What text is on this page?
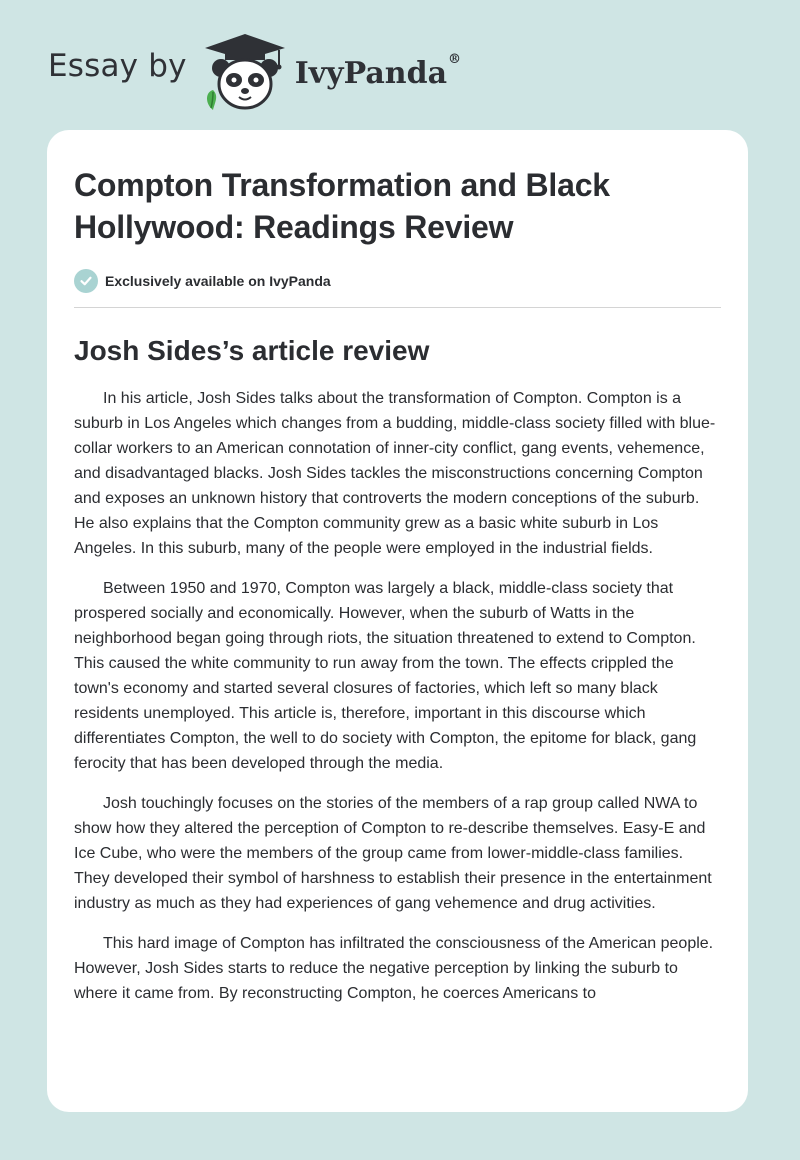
Essay by	IvyPanda®
Compton Transformation and Black Hollywood: Readings Review
Exclusively available on IvyPanda
Josh Sides’s article review

In his article, Josh Sides talks about the transformation of Compton. Compton is a suburb in Los Angeles which changes from a budding, middle-class society filled with blue-collar workers to an American connotation of inner-city conflict, gang events, vehemence, and disadvantaged blacks. Josh Sides tackles the misconstructions concerning Compton and exposes an unknown history that controverts the modern conceptions of the suburb. He also explains that the Compton community grew as a basic white suburb in Los Angeles. In this suburb, many of the people were employed in the industrial fields.

Between 1950 and 1970, Compton was largely a black, middle-class society that prospered socially and economically. However, when the suburb of Watts in the neighborhood began going through riots, the situation threatened to extend to Compton. This caused the white community to run away from the town. The effects crippled the town's economy and started several closures of factories, which left so many black residents unemployed. This article is, therefore, important in this discourse which differentiates Compton, the well to do society with Compton, the epitome for black, gang ferocity that has been developed through the media.

Josh touchingly focuses on the stories of the members of a rap group called NWA to show how they altered the perception of Compton to re-describe themselves. Easy-E and Ice Cube, who were the members of the group came from lower-middle-class families. They developed their symbol of harshness to establish their presence in the entertainment industry as much as they had experiences of gang vehemence and drug activities.

This hard image of Compton has infiltrated the consciousness of the American people. However, Josh Sides starts to reduce the negative perception by linking the suburb to where it came from. By reconstructing Compton, he coerces Americans to
